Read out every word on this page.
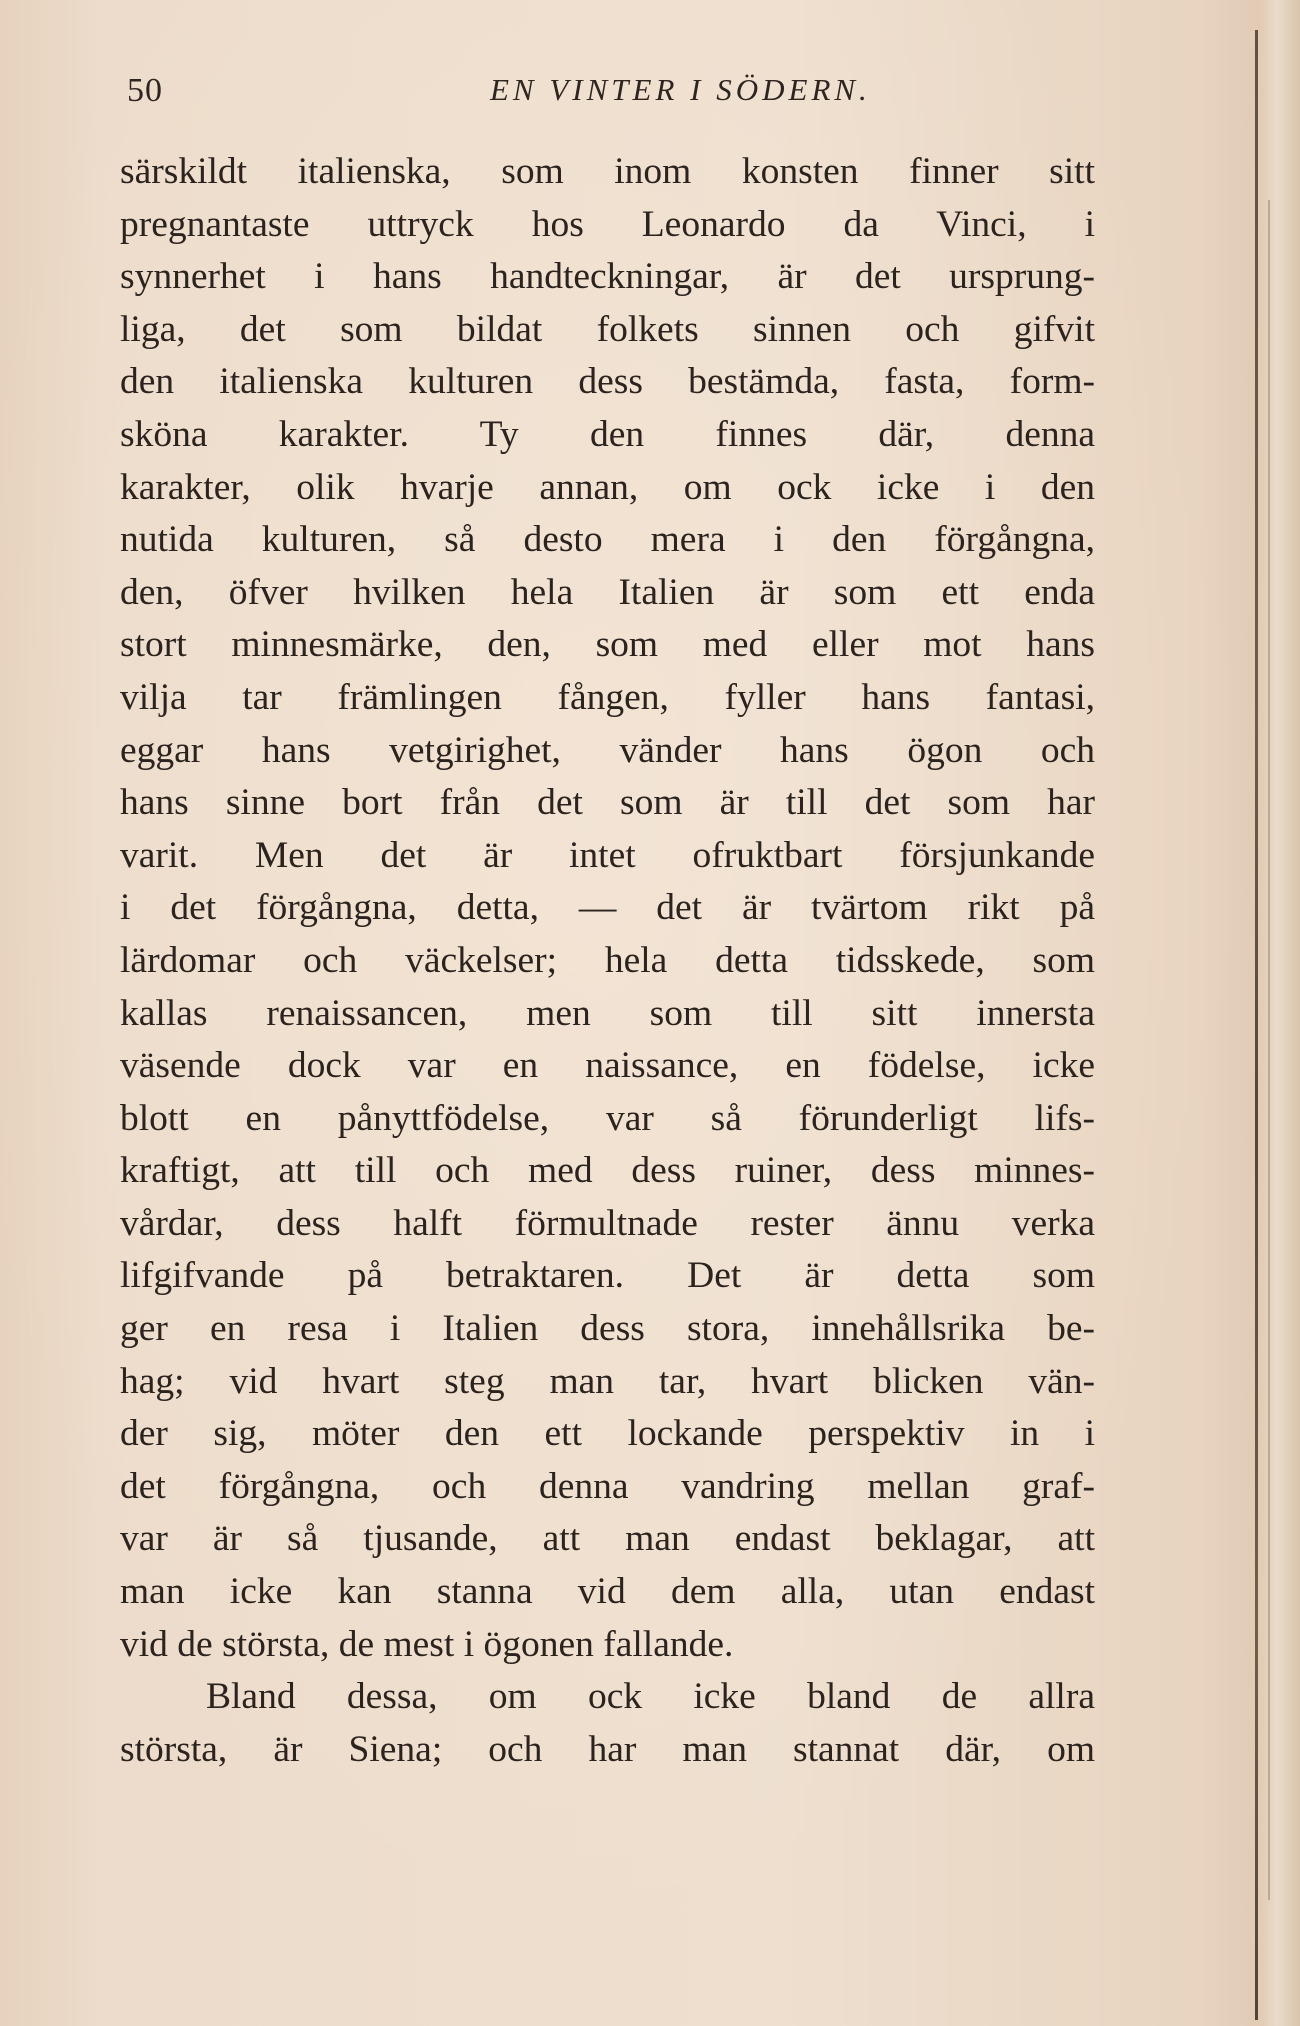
50	EN VINTER I SÖDERN.
särskildt italienska, som inom konsten finner sitt
pregnantaste uttryck hos Leonardo da Vinci, i
synnerhet i hans handteckningar, är det ursprung-
liga, det som bildat folkets sinnen och gifvit
den italienska kulturen dess bestämda, fasta, form-
sköna karakter. Ty den finnes där, denna
karakter, olik hvarje annan, om ock icke i den
nutida kulturen, så desto mera i den förgångna,
den, öfver hvilken hela Italien är som ett enda
stort minnesmärke, den, som med eller mot hans
vilja tar främlingen fången, fyller hans fantasi,
eggar hans vetgirighet, vänder hans ögon och
hans sinne bort från det som är till det som har
varit. Men det är intet ofruktbart försjunkande
i det förgångna, detta, — det är tvärtom rikt på
lärdomar och väckelser; hela detta tidsskede, som
kallas renaissancen, men som till sitt innersta
väsende dock var en naissance, en födelse, icke
blott en pånyttfödelse, var så förunderligt lifs-
kraftigt, att till och med dess ruiner, dess minnes-
vårdar, dess halft förmultnade rester ännu verka
lifgifvande på betraktaren. Det är detta som
ger en resa i Italien dess stora, innehållsrika be-
hag; vid hvart steg man tar, hvart blicken vän-
der sig, möter den ett lockande perspektiv in i
det förgångna, och denna vandring mellan graf-
var är så tjusande, att man endast beklagar, att
man icke kan stanna vid dem alla, utan endast
vid de största, de mest i ögonen fallande.
Bland dessa, om ock icke bland de allra
största, är Siena; och har man stannat där, om
